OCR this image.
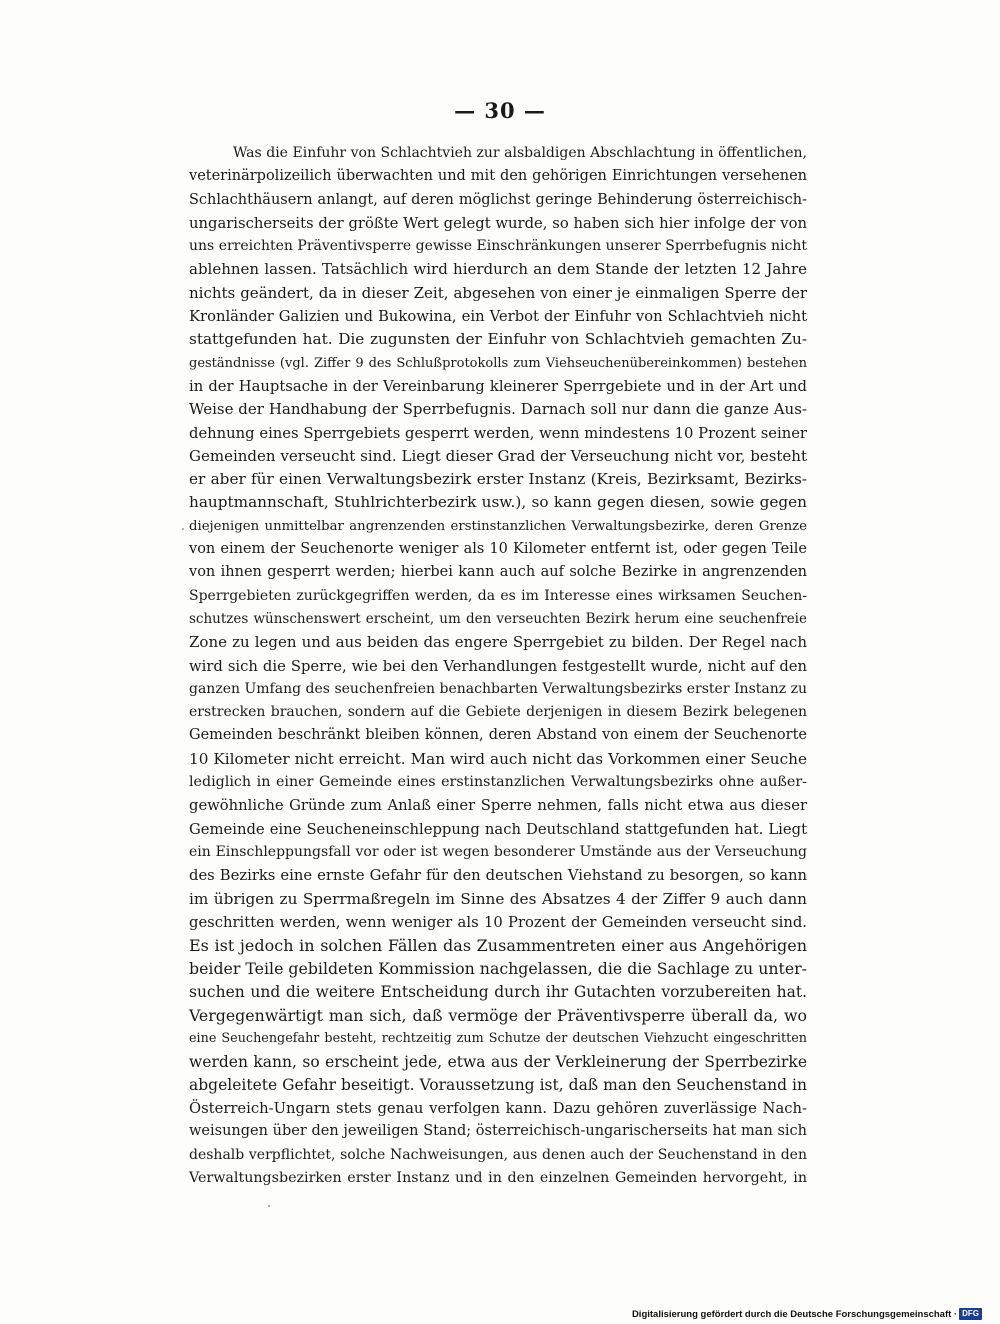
— 30 —
Was die Einfuhr von Schlachtvieh zur alsbaldigen Abschlachtung in öffentlichen,
veterinärpolizeilich überwachten und mit den gehörigen Einrichtungen versehenen
Schlachthäusern anlangt, auf deren möglichst geringe Behinderung österreichisch-
ungarischerseits der größte Wert gelegt wurde, so haben sich hier infolge der von
uns erreichten Präventivsperre gewisse Einschränkungen unserer Sperrbefugnis nicht
ablehnen lassen. Tatsächlich wird hierdurch an dem Stande der letzten 12 Jahre
nichts geändert, da in dieser Zeit, abgesehen von einer je einmaligen Sperre der
Kronländer Galizien und Bukowina, ein Verbot der Einfuhr von Schlachtvieh nicht
stattgefunden hat. Die zugunsten der Einfuhr von Schlachtvieh gemachten Zu-
geständnisse (vgl. Ziffer 9 des Schlußprotokolls zum Viehseuchenübereinkommen) bestehen
in der Hauptsache in der Vereinbarung kleinerer Sperrgebiete und in der Art und
Weise der Handhabung der Sperrbefugnis. Darnach soll nur dann die ganze Aus-
dehnung eines Sperrgebiets gesperrt werden, wenn mindestens 10 Prozent seiner
Gemeinden verseucht sind. Liegt dieser Grad der Verseuchung nicht vor, besteht
er aber für einen Verwaltungsbezirk erster Instanz (Kreis, Bezirksamt, Bezirks-
hauptmannschaft, Stuhlrichterbezirk usw.), so kann gegen diesen, sowie gegen
diejenigen unmittelbar angrenzenden erstinstanzlichen Verwaltungsbezirke, deren Grenze
von einem der Seuchenorte weniger als 10 Kilometer entfernt ist, oder gegen Teile
von ihnen gesperrt werden; hierbei kann auch auf solche Bezirke in angrenzenden
Sperrgebieten zurückgegriffen werden, da es im Interesse eines wirksamen Seuchen-
schutzes wünschenswert erscheint, um den verseuchten Bezirk herum eine seuchenfreie
Zone zu legen und aus beiden das engere Sperrgebiet zu bilden. Der Regel nach
wird sich die Sperre, wie bei den Verhandlungen festgestellt wurde, nicht auf den
ganzen Umfang des seuchenfreien benachbarten Verwaltungsbezirks erster Instanz zu
erstrecken brauchen, sondern auf die Gebiete derjenigen in diesem Bezirk belegenen
Gemeinden beschränkt bleiben können, deren Abstand von einem der Seuchenorte
10 Kilometer nicht erreicht. Man wird auch nicht das Vorkommen einer Seuche
lediglich in einer Gemeinde eines erstinstanzlichen Verwaltungsbezirks ohne außer-
gewöhnliche Gründe zum Anlaß einer Sperre nehmen, falls nicht etwa aus dieser
Gemeinde eine Seucheneinschleppung nach Deutschland stattgefunden hat. Liegt
ein Einschleppungsfall vor oder ist wegen besonderer Umstände aus der Verseuchung
des Bezirks eine ernste Gefahr für den deutschen Viehstand zu besorgen, so kann
im übrigen zu Sperrmaßregeln im Sinne des Absatzes 4 der Ziffer 9 auch dann
geschritten werden, wenn weniger als 10 Prozent der Gemeinden verseucht sind.
Es ist jedoch in solchen Fällen das Zusammentreten einer aus Angehörigen
beider Teile gebildeten Kommission nachgelassen, die die Sachlage zu unter-
suchen und die weitere Entscheidung durch ihr Gutachten vorzubereiten hat.
Vergegenwärtigt man sich, daß vermöge der Präventivsperre überall da, wo
eine Seuchengefahr besteht, rechtzeitig zum Schutze der deutschen Viehzucht eingeschritten
werden kann, so erscheint jede, etwa aus der Verkleinerung der Sperrbezirke
abgeleitete Gefahr beseitigt. Voraussetzung ist, daß man den Seuchenstand in
Österreich-Ungarn stets genau verfolgen kann. Dazu gehören zuverlässige Nach-
weisungen über den jeweiligen Stand; österreichisch-ungarischerseits hat man sich
deshalb verpflichtet, solche Nachweisungen, aus denen auch der Seuchenstand in den
Verwaltungsbezirken erster Instanz und in den einzelnen Gemeinden hervorgeht, in
Digitalisierung gefördert durch die Deutsche Forschungsgemeinschaft · DFG
